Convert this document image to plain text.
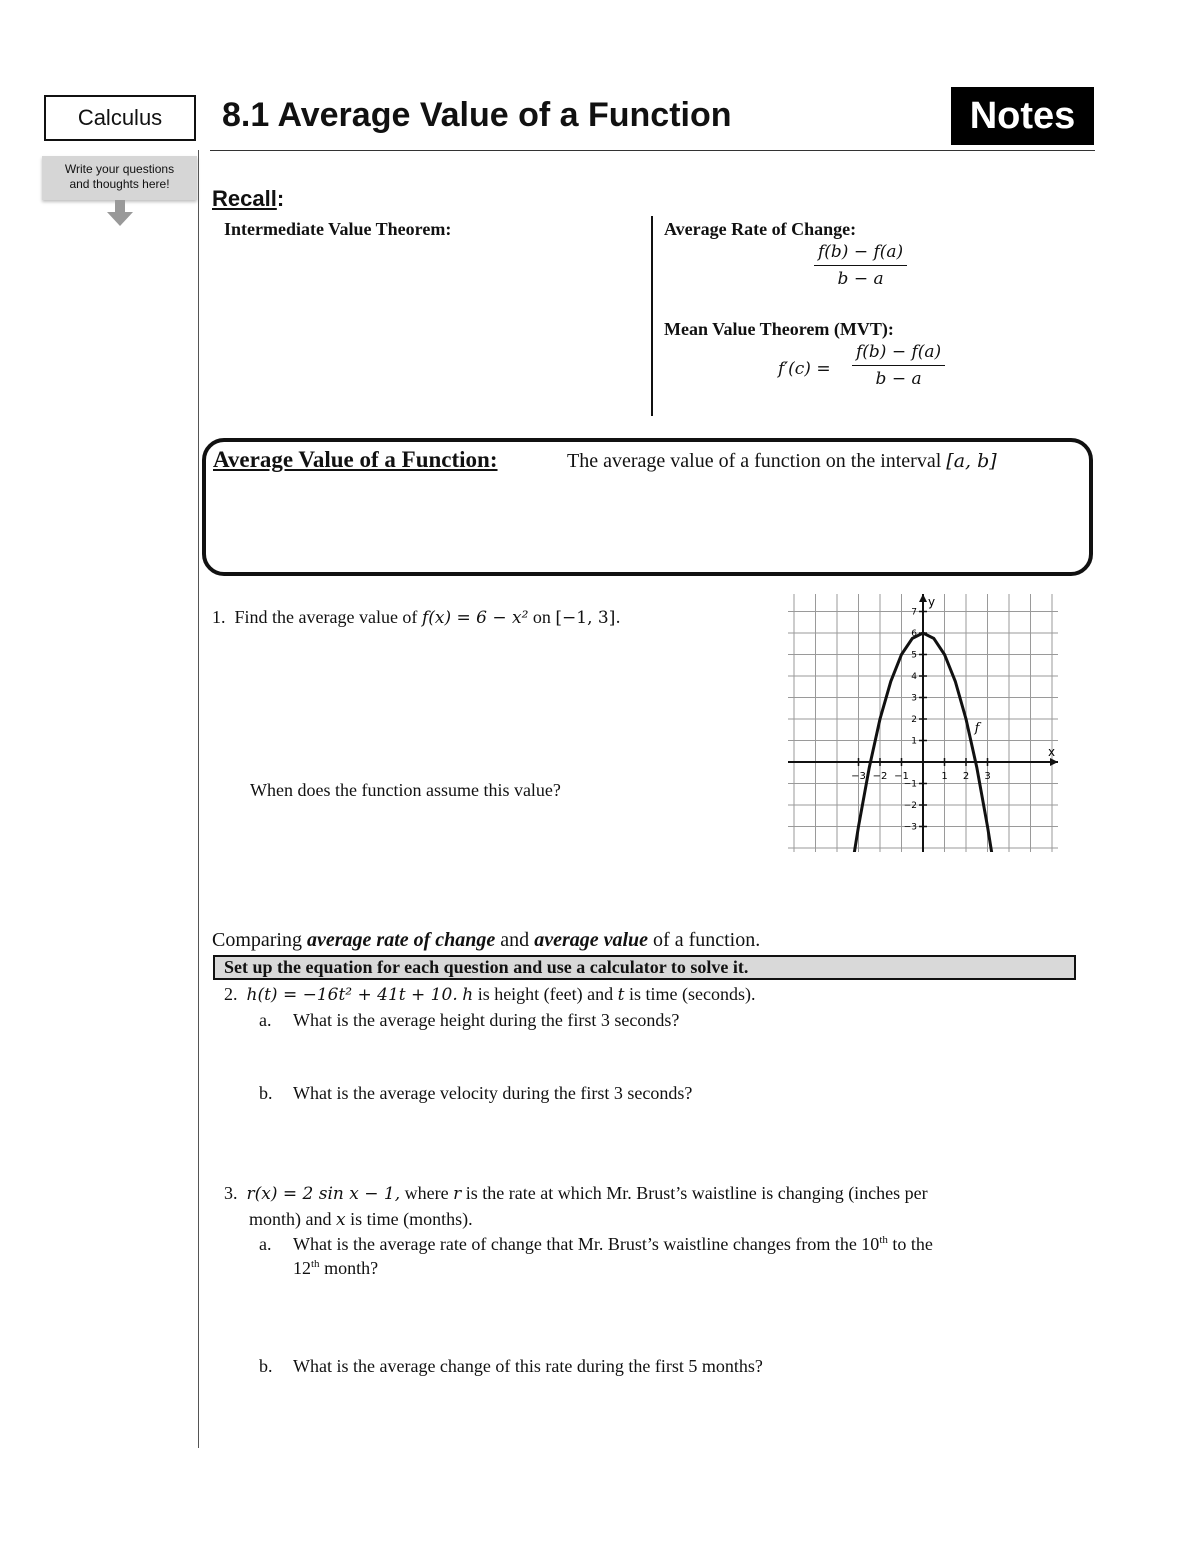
Calculus
Write your questions
and thoughts here!
8.1 Average Value of a Function	Notes
Recall:
Intermediate Value Theorem:	Average Rate of Change:
$\frac{f(b) - f(a)}{b - a}$
Mean Value Theorem (MVT):
$f'(c) = \frac{f(b) - f(a)}{b - a}$
Average Value of a Function:	The average value of a function on the interval [a, b]
1. Find the average value of f(x) = 6 − x² on [−1, 3].
When does the function assume this value?
−3 −2 −1	1 2 3
7
6
5
4
3
2
1
−1
−2
−3
x
y
f
Comparing average rate of change and average value of a function.
Set up the equation for each question and use a calculator to solve it.
2. h(t) = −16t² + 41t + 10. h is height (feet) and t is time (seconds).
a. What is the average height during the first 3 seconds?
b. What is the average velocity during the first 3 seconds?
3. r(x) = 2 sin x − 1, where r is the rate at which Mr. Brust’s waistline is changing (inches per
month) and x is time (months).
a. What is the average rate of change that Mr. Brust’s waistline changes from the 10th to the
12th month?
b. What is the average change of this rate during the first 5 months?
